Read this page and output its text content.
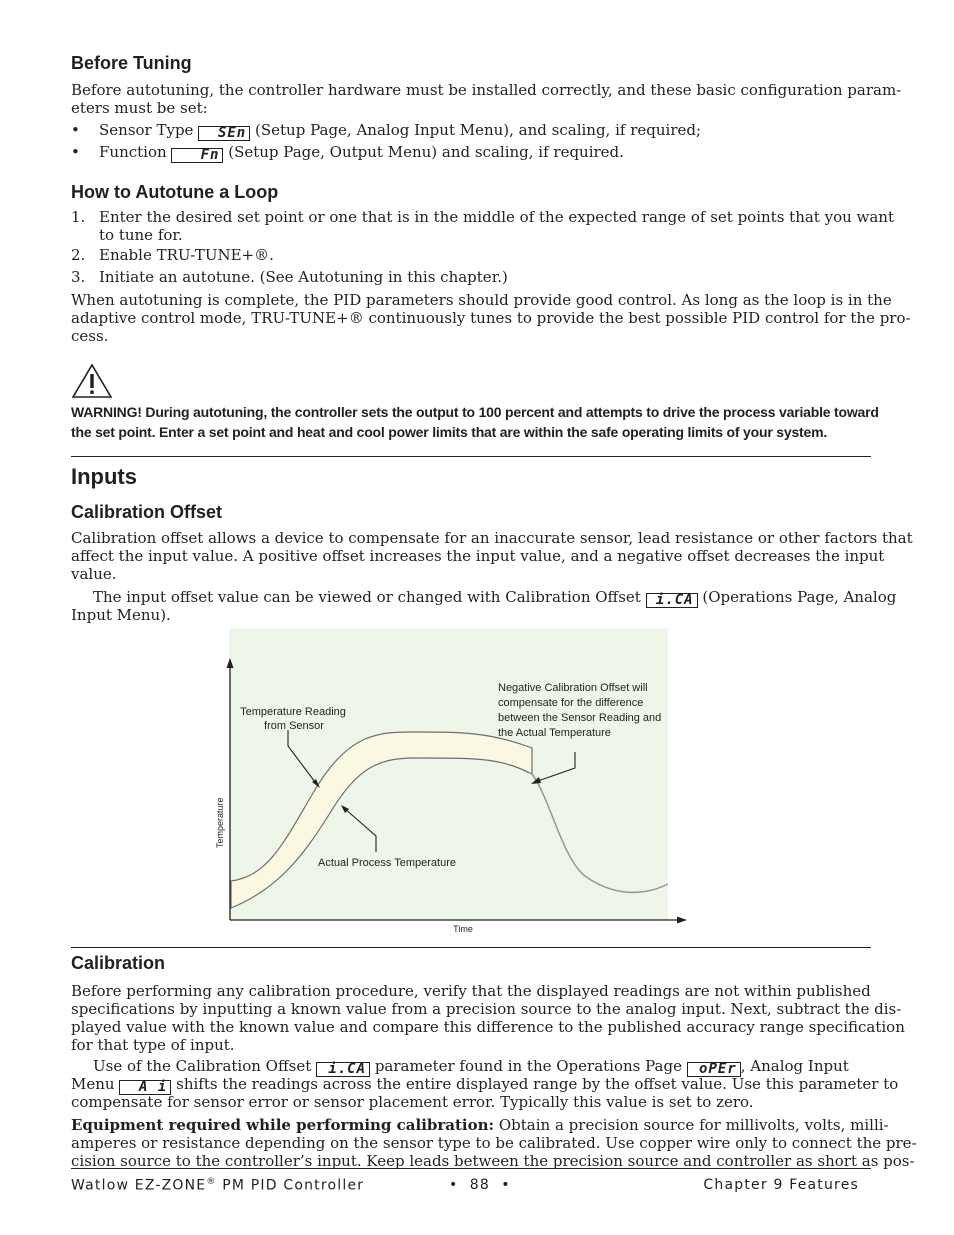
Before Tuning
Before autotuning, the controller hardware must be installed correctly, and these basic configuration param-
eters must be set:
• Sensor Type SEn (Setup Page, Analog Input Menu), and scaling, if required;
• Function Fn (Setup Page, Output Menu) and scaling, if required.
How to Autotune a Loop
1. Enter the desired set point or one that is in the middle of the expected range of set points that you want
to tune for.
2. Enable TRU-TUNE+®.
3. Initiate an autotune. (See Autotuning in this chapter.)
When autotuning is complete, the PID parameters should provide good control. As long as the loop is in the
adaptive control mode, TRU-TUNE+® continuously tunes to provide the best possible PID control for the pro-
cess.
WARNING! During autotuning, the controller sets the output to 100 percent and attempts to drive the process variable toward
the set point. Enter a set point and heat and cool power limits that are within the safe operating limits of your system.
Inputs
Calibration Offset
Calibration offset allows a device to compensate for an inaccurate sensor, lead resistance or other factors that
affect the input value. A positive offset increases the input value, and a negative offset decreases the input
value.
The input offset value can be viewed or changed with Calibration Offset i.CA (Operations Page, Analog
Input Menu).
Temperature
Time
Temperature Reading
from Sensor
Actual Process Temperature
Negative Calibration Offset will
compensate for the difference
between the Sensor Reading and
the Actual Temperature
Calibration
Before performing any calibration procedure, verify that the displayed readings are not within published
specifications by inputting a known value from a precision source to the analog input. Next, subtract the dis-
played value with the known value and compare this difference to the published accuracy range specification
for that type of input.
Use of the Calibration Offset i.CA parameter found in the Operations Page oPEr , Analog Input
Menu A i shifts the readings across the entire displayed range by the offset value. Use this parameter to
compensate for sensor error or sensor placement error. Typically this value is set to zero.
Equipment required while performing calibration: Obtain a precision source for millivolts, volts, milli-
amperes or resistance depending on the sensor type to be calibrated. Use copper wire only to connect the pre-
cision source to the controller’s input. Keep leads between the precision source and controller as short as pos-
Watlow EZ-ZONE® PM PID Controller	•  88  •	Chapter 9 Features
